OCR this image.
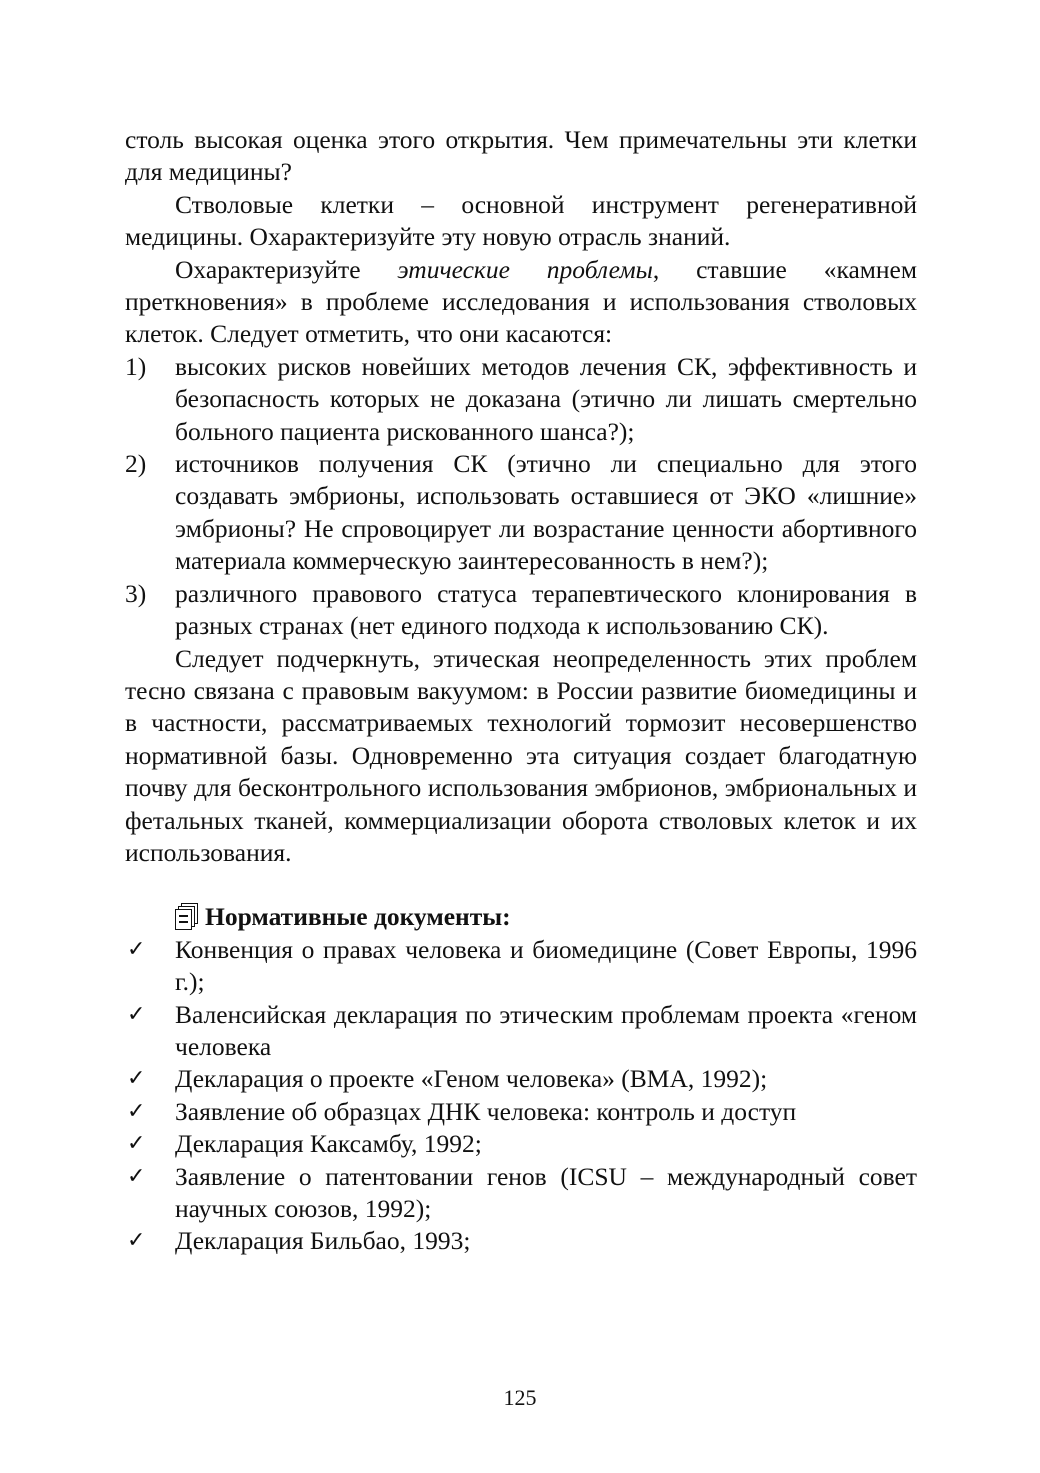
столь высокая оценка этого открытия. Чем примечательны эти клетки для медицины?

Стволовые клетки – основной инструмент регенеративной медицины. Охарактеризуйте эту новую отрасль знаний.

Охарактеризуйте этические проблемы, ставшие «камнем преткновения» в проблеме исследования и использования стволовых клеток. Следует отметить, что они касаются:

1) высоких рисков новейших методов лечения СК, эффективность и безопасность которых не доказана (этично ли лишать смертельно больного пациента рискованного шанса?);
2) источников получения СК (этично ли специально для этого создавать эмбрионы, использовать оставшиеся от ЭКО «лишние» эмбрионы? Не спровоцирует ли возрастание ценности абортивного материала коммерческую заинтересованность в нем?);
3) различного правового статуса терапевтического клонирования в разных странах (нет единого подхода к использованию СК).

Следует подчеркнуть, этическая неопределенность этих проблем тесно связана с правовым вакуумом: в России развитие биомедицины и в частности, рассматриваемых технологий тормозит несовершенство нормативной базы. Одновременно эта ситуация создает благодатную почву для бесконтрольного использования эмбрионов, эмбриональных и фетальных тканей, коммерциализации оборота стволовых клеток и их использования.

Нормативные документы:
✓ Конвенция о правах человека и биомедицине (Совет Европы, 1996 г.);
✓ Валенсийская декларация по этическим проблемам проекта «геном человека
✓ Декларация о проекте «Геном человека» (ВМА, 1992);
✓ Заявление об образцах ДНК человека: контроль и доступ
✓ Декларация Каксамбу, 1992;
✓ Заявление о патентовании генов (ICSU – международный совет научных союзов, 1992);
✓ Декларация Бильбао, 1993;
125
